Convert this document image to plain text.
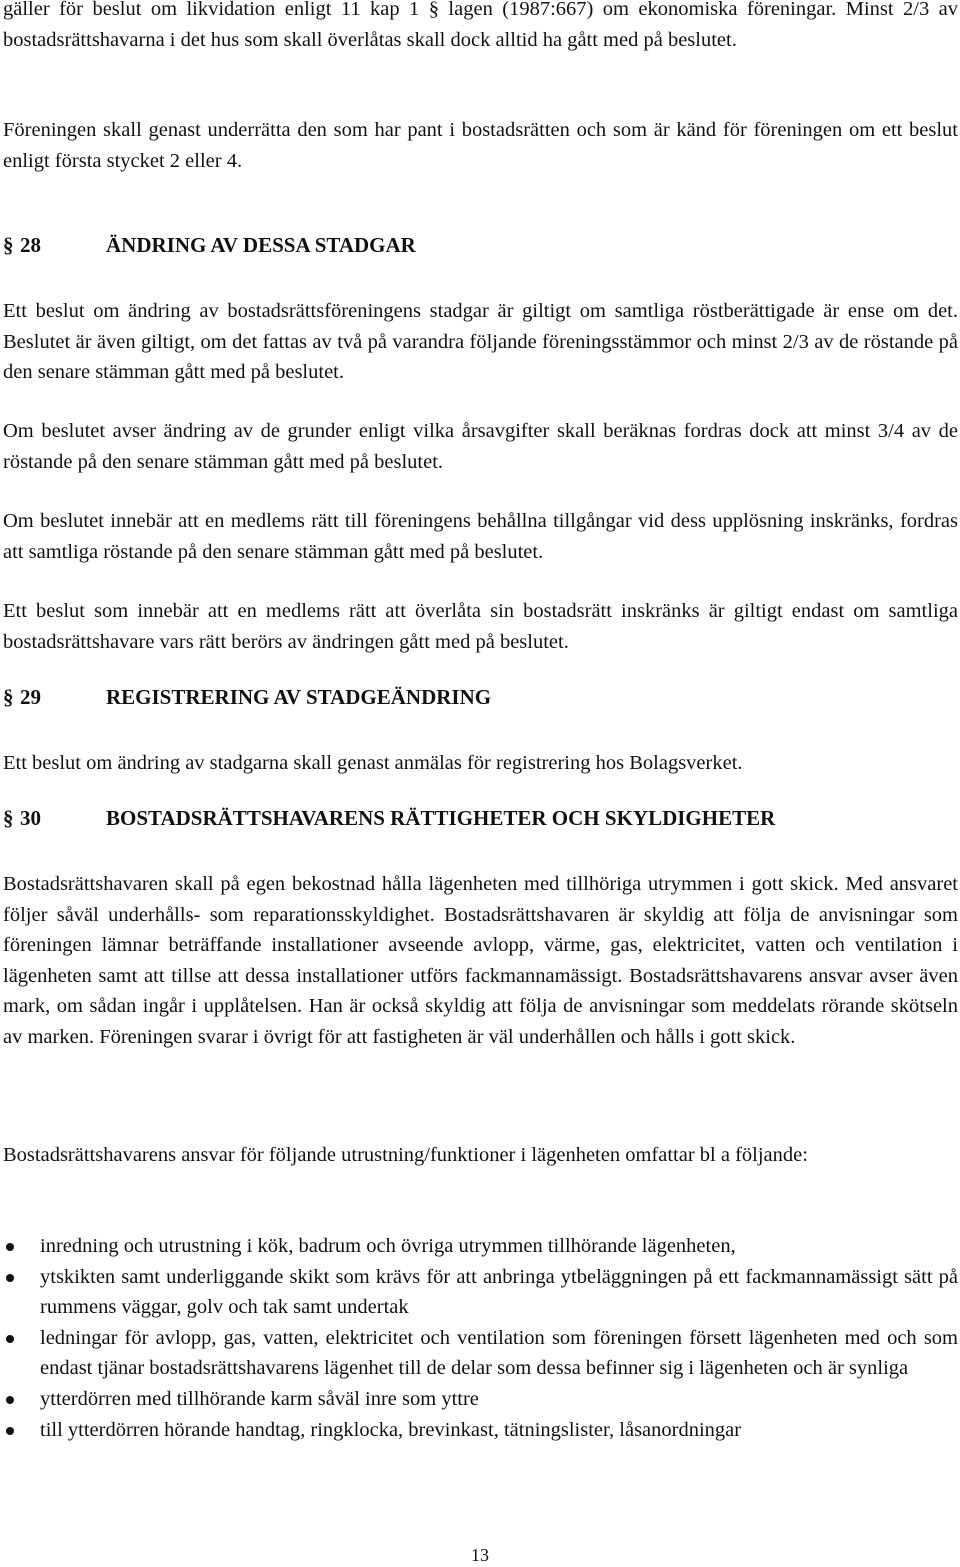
gäller för beslut om likvidation enligt 11 kap 1 § lagen (1987:667) om ekonomiska föreningar. Minst 2/3 av bostadsrättshavarna i det hus som skall överlåtas skall dock alltid ha gått med på beslutet.

Föreningen skall genast underrätta den som har pant i bostadsrätten och som är känd för föreningen om ett beslut enligt första stycket 2 eller 4.

§ 28	ÄNDRING AV DESSA STADGAR

Ett beslut om ändring av bostadsrättsföreningens stadgar är giltigt om samtliga röstberättigade är ense om det. Beslutet är även giltigt, om det fattas av två på varandra följande föreningsstämmor och minst 2/3 av de röstande på den senare stämman gått med på beslutet.

Om beslutet avser ändring av de grunder enligt vilka årsavgifter skall beräknas fordras dock att minst 3/4 av de röstande på den senare stämman gått med på beslutet.

Om beslutet innebär att en medlems rätt till föreningens behållna tillgångar vid dess upplösning inskränks, fordras att samtliga röstande på den senare stämman gått med på beslutet.

Ett beslut som innebär att en medlems rätt att överlåta sin bostadsrätt inskränks är giltigt endast om samtliga bostadsrättshavare vars rätt berörs av ändringen gått med på beslutet.

§ 29	REGISTRERING AV STADGEÄNDRING

Ett beslut om ändring av stadgarna skall genast anmälas för registrering hos Bolagsverket.

§ 30	BOSTADSRÄTTSHAVARENS RÄTTIGHETER OCH SKYLDIGHETER

Bostadsrättshavaren skall på egen bekostnad hålla lägenheten med tillhöriga utrymmen i gott skick. Med ansvaret följer såväl underhålls- som reparationsskyldighet. Bostadsrättshavaren är skyldig att följa de anvisningar som föreningen lämnar beträffande installationer avseende avlopp, värme, gas, elektricitet, vatten och ventilation i lägenheten samt att tillse att dessa installationer utförs fackmannamässigt. Bostadsrättshavarens ansvar avser även mark, om sådan ingår i upplåtelsen. Han är också skyldig att följa de anvisningar som meddelats rörande skötseln av marken. Föreningen svarar i övrigt för att fastigheten är väl underhållen och hålls i gott skick.

Bostadsrättshavarens ansvar för följande utrustning/funktioner i lägenheten omfattar bl a följande:

inredning och utrustning i kök, badrum och övriga utrymmen tillhörande lägenheten,
ytskikten samt underliggande skikt som krävs för att anbringa ytbeläggningen på ett fackmannamässigt sätt på rummens väggar, golv och tak samt undertak
ledningar för avlopp, gas, vatten, elektricitet och ventilation som föreningen försett lägenheten med och som endast tjänar bostadsrättshavarens lägenhet till de delar som dessa befinner sig i lägenheten och är synliga
ytterdörren med tillhörande karm såväl inre som yttre
till ytterdörren hörande handtag, ringklocka, brevinkast, tätningslister, låsanordningar
13
